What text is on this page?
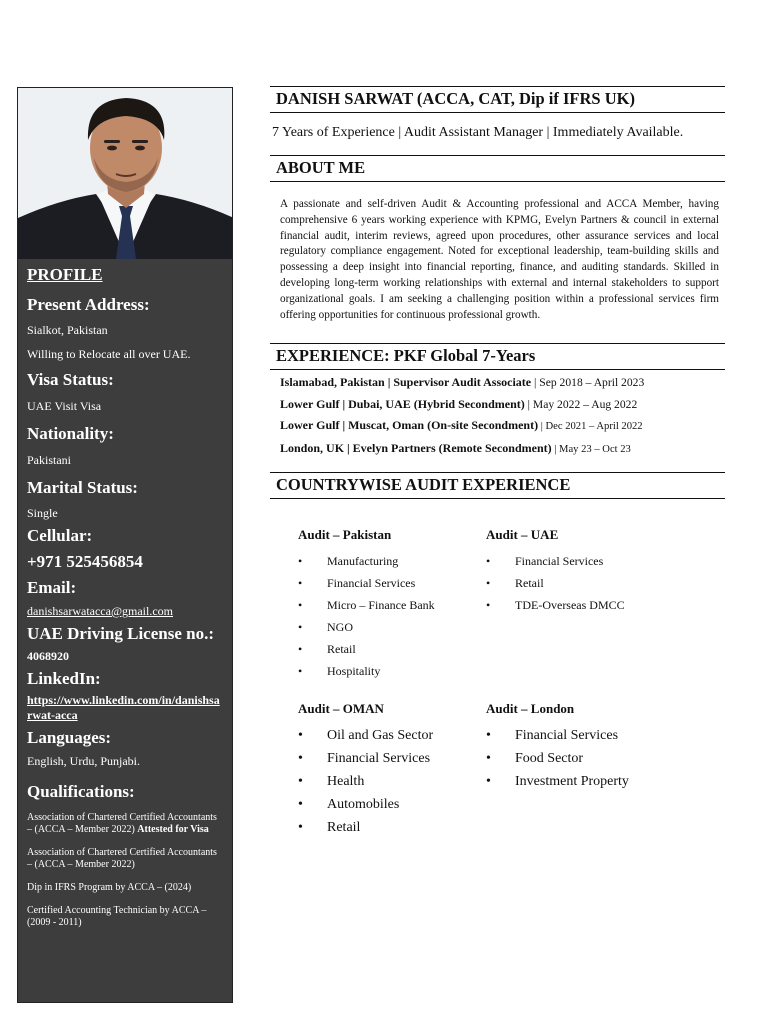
PROFILE

Present Address:

Sialkot, Pakistan

Willing to Relocate all over UAE.

Visa Status:

UAE Visit Visa

Nationality:

Pakistani

Marital Status:

Single

Cellular:

+971 525456854

Email:

danishsarwatacca@gmail.com

UAE Driving License no.:

4068920

LinkedIn:

https://www.linkedin.com/in/danishsarwat-acca

Languages:

English, Urdu, Punjabi.

Qualifications:

Association of Chartered Certified Accountants – (ACCA – Member 2022) Attested for Visa

Association of Chartered Certified Accountants – (ACCA – Member 2022)

Dip in IFRS Program by ACCA – (2024)

Certified Accounting Technician by ACCA – (2009 - 2011)

DANISH SARWAT (ACCA, CAT, Dip if IFRS UK)

7 Years of Experience | Audit Assistant Manager | Immediately Available.

ABOUT ME

A passionate and self-driven Audit & Accounting professional and ACCA Member, having comprehensive 6 years working experience with KPMG, Evelyn Partners & council in external financial audit, interim reviews, agreed upon procedures, other assurance services and local regulatory compliance engagement. Noted for exceptional leadership, team-building skills and possessing a deep insight into financial reporting, finance, and auditing standards. Skilled in developing long-term working relationships with external and internal stakeholders to support organizational goals. I am seeking a challenging position within a professional services firm offering opportunities for continuous professional growth.

EXPERIENCE: PKF Global 7-Years
Islamabad, Pakistan | Supervisor Audit Associate | Sep 2018 – April 2023
Lower Gulf | Dubai, UAE (Hybrid Secondment) | May 2022 – Aug 2022
Lower Gulf | Muscat, Oman (On-site Secondment) | Dec 2021 – April 2022
London, UK | Evelyn Partners (Remote Secondment) | May 23 – Oct 23
COUNTRYWISE AUDIT EXPERIENCE

Audit – Pakistan

• Manufacturing
• Financial Services
• Micro – Finance Bank
• NGO
• Retail
• Hospitality

Audit – UAE

• Financial Services
• Retail
• TDE-Overseas DMCC

Audit – OMAN

• Oil and Gas Sector
• Financial Services
• Health
• Automobiles
• Retail

Audit – London

• Financial Services
• Food Sector
• Investment Property
